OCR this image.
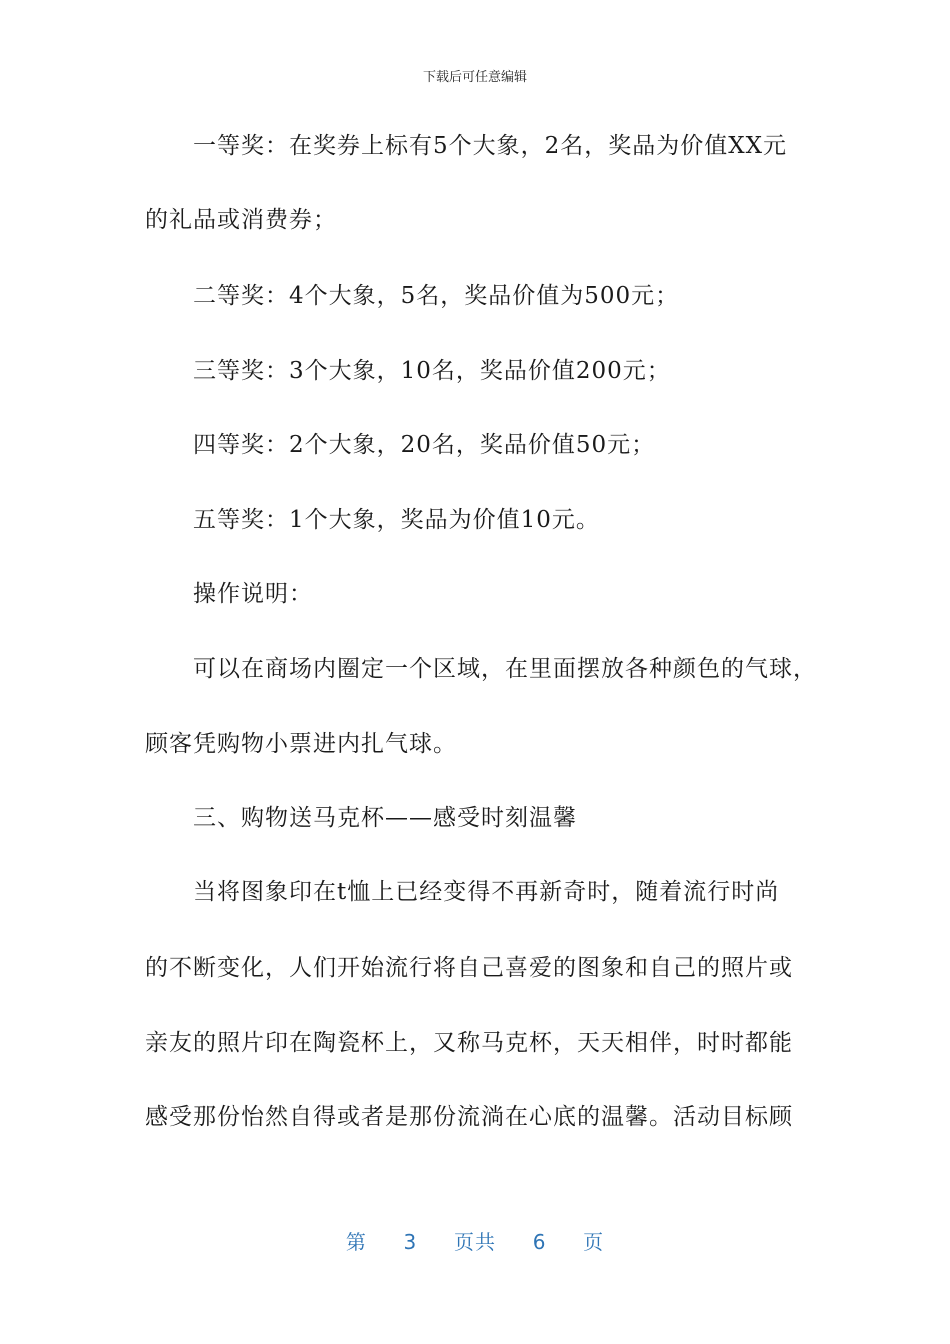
下载后可任意编辑
一等奖：在奖券上标有5个大象，2名，奖品为价值XX元
的礼品或消费券；
二等奖：4个大象，5名，奖品价值为500元；
三等奖：3个大象，10名，奖品价值200元；
四等奖：2个大象，20名，奖品价值50元；
五等奖：1个大象，奖品为价值10元。
操作说明：
可以在商场内圈定一个区域，在里面摆放各种颜色的气球，
顾客凭购物小票进内扎气球。
三、购物送马克杯——感受时刻温馨
当将图象印在t恤上已经变得不再新奇时，随着流行时尚
的不断变化，人们开始流行将自己喜爱的图象和自己的照片或
亲友的照片印在陶瓷杯上，又称马克杯，天天相伴，时时都能
感受那份怡然自得或者是那份流淌在心底的温馨。活动目标顾
第 3 页共 6 页
